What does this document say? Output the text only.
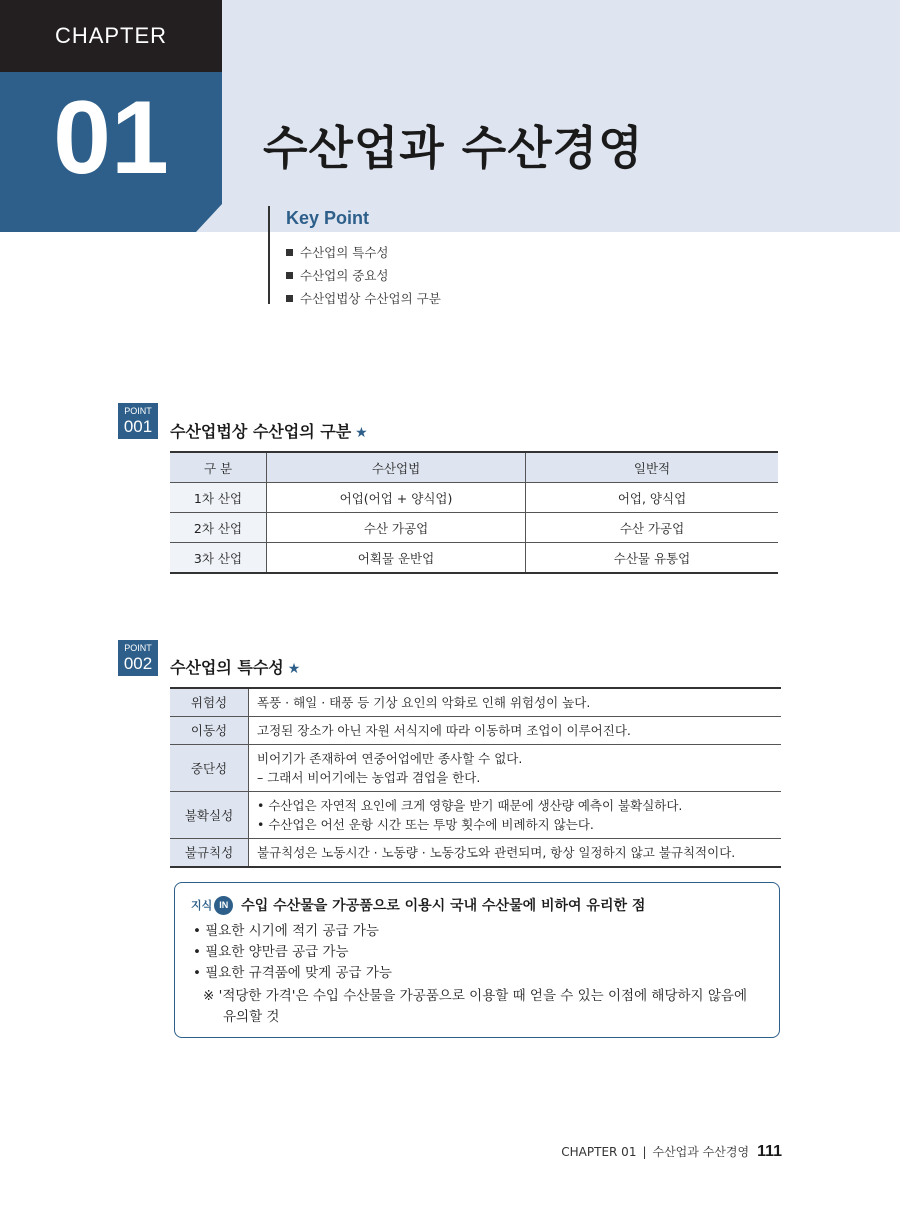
CHAPTER
01	수산업과 수산경영
Key Point
수산업의 특수성
수산업의 중요성
수산업법상 수산업의 구분
POINT
001	수산업법상 수산업의 구분 ★
구 분	수산업법	일반적
1차 산업	어업(어업 + 양식업)	어업, 양식업
2차 산업	수산 가공업	수산 가공업
3차 산업	어획물 운반업	수산물 유통업
POINT
002	수산업의 특수성 ★
위험성	폭풍 · 해일 · 태풍 등 기상 요인의 악화로 인해 위험성이 높다.

이동성	고정된 장소가 아닌 자원 서식지에 따라 이동하며 조업이 이루어진다.

중단성	비어기가 존재하여 연중어업에만 종사할 수 없다.
– 그래서 비어기에는 농업과 겸업을 한다.

불확실성	• 수산업은 자연적 요인에 크게 영향을 받기 때문에 생산량 예측이 불확실하다.
• 수산업은 어선 운항 시간 또는 투망 횟수에 비례하지 않는다.

불규칙성	불규칙성은 노동시간 · 노동량 · 노동강도와 관련되며, 항상 일정하지 않고 불규칙적이다.
지식 IN 수입 수산물을 가공품으로 이용시 국내 수산물에 비하여 유리한 점
• 필요한 시기에 적기 공급 가능
• 필요한 양만큼 공급 가능
• 필요한 규격품에 맞게 공급 가능
※ '적당한 가격'은 수입 수산물을 가공품으로 이용할 때 얻을 수 있는 이점에 해당하지 않음에
유의할 것
CHAPTER 01 | 수산업과 수산경영 111
